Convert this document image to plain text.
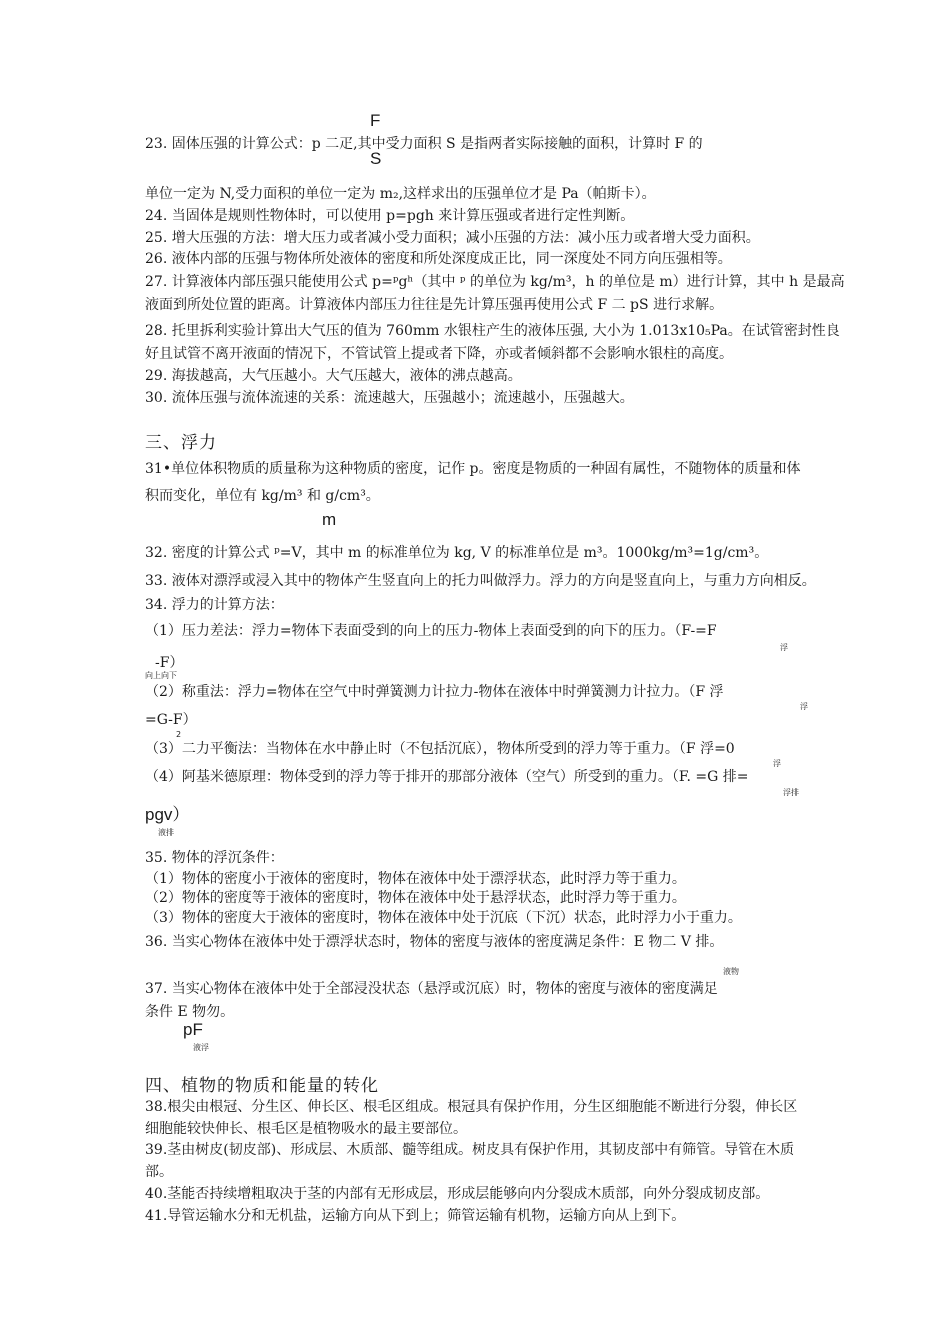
F
23. 固体压强的计算公式：p 二疋,其中受力面积 S 是指两者实际接触的面积，计算时 F 的
S
单位一定为 N,受力面积的单位一定为 m₂,这样求出的压强单位才是 Pa（帕斯卡）。
24. 当固体是规则性物体时，可以使用 p=pgh 来计算压强或者进行定性判断。
25. 增大压强的方法：增大压力或者减小受力面积；减小压强的方法：减小压力或者增大受力面积。
26. 液体内部的压强与物体所处液体的密度和所处深度成正比，同一深度处不同方向压强相等。
27. 计算液体内部压强只能使用公式 p=ᵖgʰ（其中 ᵖ 的单位为 kg/m³，h 的单位是 m）进行计算，其中 h 是最高
液面到所处位置的距离。计算液体内部压力往往是先计算压强再使用公式 F 二 pS 进行求解。
28. 托里拆利实验计算出大气压的值为 760mm 水银柱产生的液体压强, 大小为 1.013x10₅Pa。在试管密封性良
好且试管不离开液面的情况下，不管试管上提或者下降，亦或者倾斜都不会影响水银柱的高度。
29. 海拔越高，大气压越小。大气压越大，液体的沸点越高。
30. 流体压强与流体流速的关系：流速越大，压强越小；流速越小，压强越大。
三、浮力
31•单位体积物质的质量称为这种物质的密度，记作 p。密度是物质的一种固有属性，不随物体的质量和体
积而变化，单位有 kg/m³ 和 g/cm³。
m
32. 密度的计算公式 ᵖ=V，其中 m 的标准单位为 kg, V 的标准单位是 m³。1000kg/m³=1g/cm³。
33. 液体对漂浮或浸入其中的物体产生竖直向上的托力叫做浮力。浮力的方向是竖直向上，与重力方向相反。
34. 浮力的计算方法：
（1）压力差法：浮力=物体下表面受到的向上的压力-物体上表面受到的向下的压力。（F-=F
浮
-F）
向上向下
（2）称重法：浮力=物体在空气中时弹簧测力计拉力-物体在液体中时弹簧测力计拉力。（F 浮
浮
=G-F）
2
（3）二力平衡法：当物体在水中静止时（不包括沉底），物体所受到的浮力等于重力。（F 浮=0
浮
（4）阿基米德原理：物体受到的浮力等于排开的那部分液体（空气）所受到的重力。（F. =G 排=
浮排
pgv）
液排
35. 物体的浮沉条件：
（1）物体的密度小于液体的密度时，物体在液体中处于漂浮状态，此时浮力等于重力。
（2）物体的密度等于液体的密度时，物体在液体中处于悬浮状态，此时浮力等于重力。
（3）物体的密度大于液体的密度时，物体在液体中处于沉底（下沉）状态，此时浮力小于重力。
36. 当实心物体在液体中处于漂浮状态时，物体的密度与液体的密度满足条件：E 物二 V 排。
液物
37. 当实心物体在液体中处于全部浸没状态（悬浮或沉底）时，物体的密度与液体的密度满足
条件 E 物勿。
pF
液浮
四、植物的物质和能量的转化
38.根尖由根冠、分生区、伸长区、根毛区组成。根冠具有保护作用，分生区细胞能不断进行分裂，伸长区
细胞能较快伸长、根毛区是植物吸水的最主要部位。
39.茎由树皮(韧皮部)、形成层、木质部、髓等组成。树皮具有保护作用，其韧皮部中有筛管。导管在木质
部。
40.茎能否持续增粗取决于茎的内部有无形成层，形成层能够向内分裂成木质部，向外分裂成韧皮部。
41.导管运输水分和无机盐，运输方向从下到上；筛管运输有机物，运输方向从上到下。
